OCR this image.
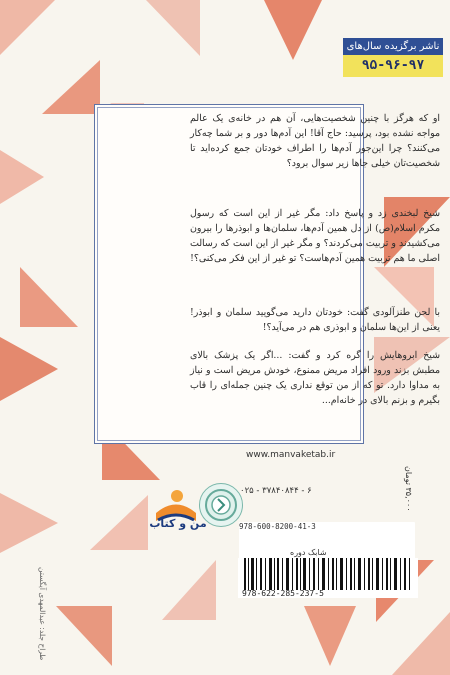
ناشر برگزیده سال‌های
۹۵-۹۶-۹۷
او که هرگز با چنین شخصیت‌هایی، آن هم در خانه‌ی یک عالم مواجه نشده بود، پرسید: حاج آقا! این آدم‌ها دور و بر شما چه‌کار می‌کنند؟ چرا این‌جور آدم‌ها را اطراف خودتان جمع کرده‌اید تا شخصیت‌تان خیلی جاها زیر سوال برود؟
شیخ لبخندی زد و پاسخ داد: مگر غیر از این است که رسول مکرم اسلام(ص) از دل همین آدم‌ها، سلمان‌ها و ابوذرها را بیرون می‌کشیدند و تربیت می‌کردند؟ و مگر غیر از این است که رسالت اصلی ما هم تربیت همین آدم‌هاست؟ تو غیر از این فکر می‌کنی؟!
با لحن طنزآلودی گفت: خودتان دارید می‌گویید سلمان و ابوذر! یعنی از این‌ها سلمان و ابوذری هم در می‌آید؟!
شیخ ابروهایش را گره کرد و گفت: ...اگر یک پزشک بالای مطبش بزند ورود افراد مریض ممنوع، خودش مریض است و نیاز به مداوا دارد. تو که از من توقع نداری یک چنین جمله‌ای را قاب بگیرم و بزنم بالای در خانه‌ام...
www.manvaketab.ir
۰۲۵ - ۳۷۸۴۰۸۴۴ - ۶
۳۵,۰۰۰ تومان
من و کتاب	978-600-8200-41-3
شابک دوره
978-622-285-237-5
طراح جلد: عبدالمهدی آیگستن
